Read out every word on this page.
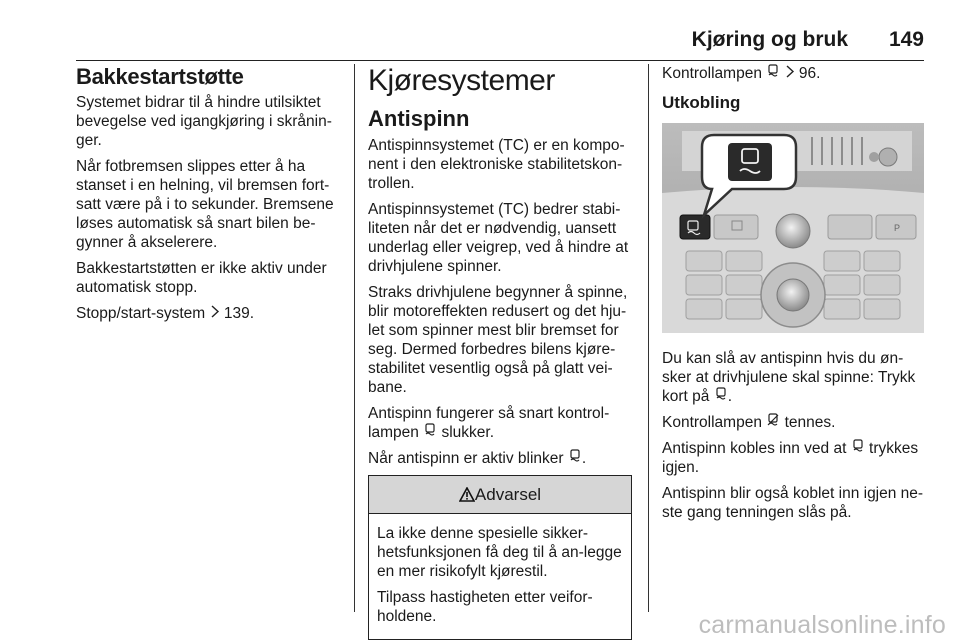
Kjøring og bruk 149
Bakkestartstøtte

Systemet bidrar til å hindre utilsiktet bevegelse ved igangkjøring i skrånin-ger.

Når fotbremsen slippes etter å ha stanset i en helning, vil bremsen fort-satt være på i to sekunder. Bremsene løses automatisk så snart bilen be-gynner å akselerere.

Bakkestartstøtten er ikke aktiv under automatisk stopp.

Stopp/start-system 139.

Kjøresystemer
Antispinn

Antispinnsystemet (TC) er en kompo-nent i den elektroniske stabilitetskon-trollen.

Antispinnsystemet (TC) bedrer stabi-liteten når det er nødvendig, uansett underlag eller veigrep, ved å hindre at drivhjulene spinner.

Straks drivhjulene begynner å spinne, blir motoreffekten redusert og det hju-let som spinner mest blir bremset for seg. Dermed forbedres bilens kjøre-stabilitet vesentlig også på glatt vei-bane.

Antispinn fungerer så snart kontrol-lampen slukker.

Når antispinn er aktiv blinker .

Advarsel

La ikke denne spesielle sikker-hetsfunksjonen få deg til å an-legge en mer risikofylt kjørestil.

Tilpass hastigheten etter veifor-holdene.

Kontrollampen 96.

Utkobling
P

Du kan slå av antispinn hvis du øn-sker at drivhjulene skal spinne: Trykk kort på .

Kontrollampen tennes.

Antispinn kobles inn ved at trykkes igjen.

Antispinn blir også koblet inn igjen ne-ste gang tenningen slås på.

carmanualsonline.info
